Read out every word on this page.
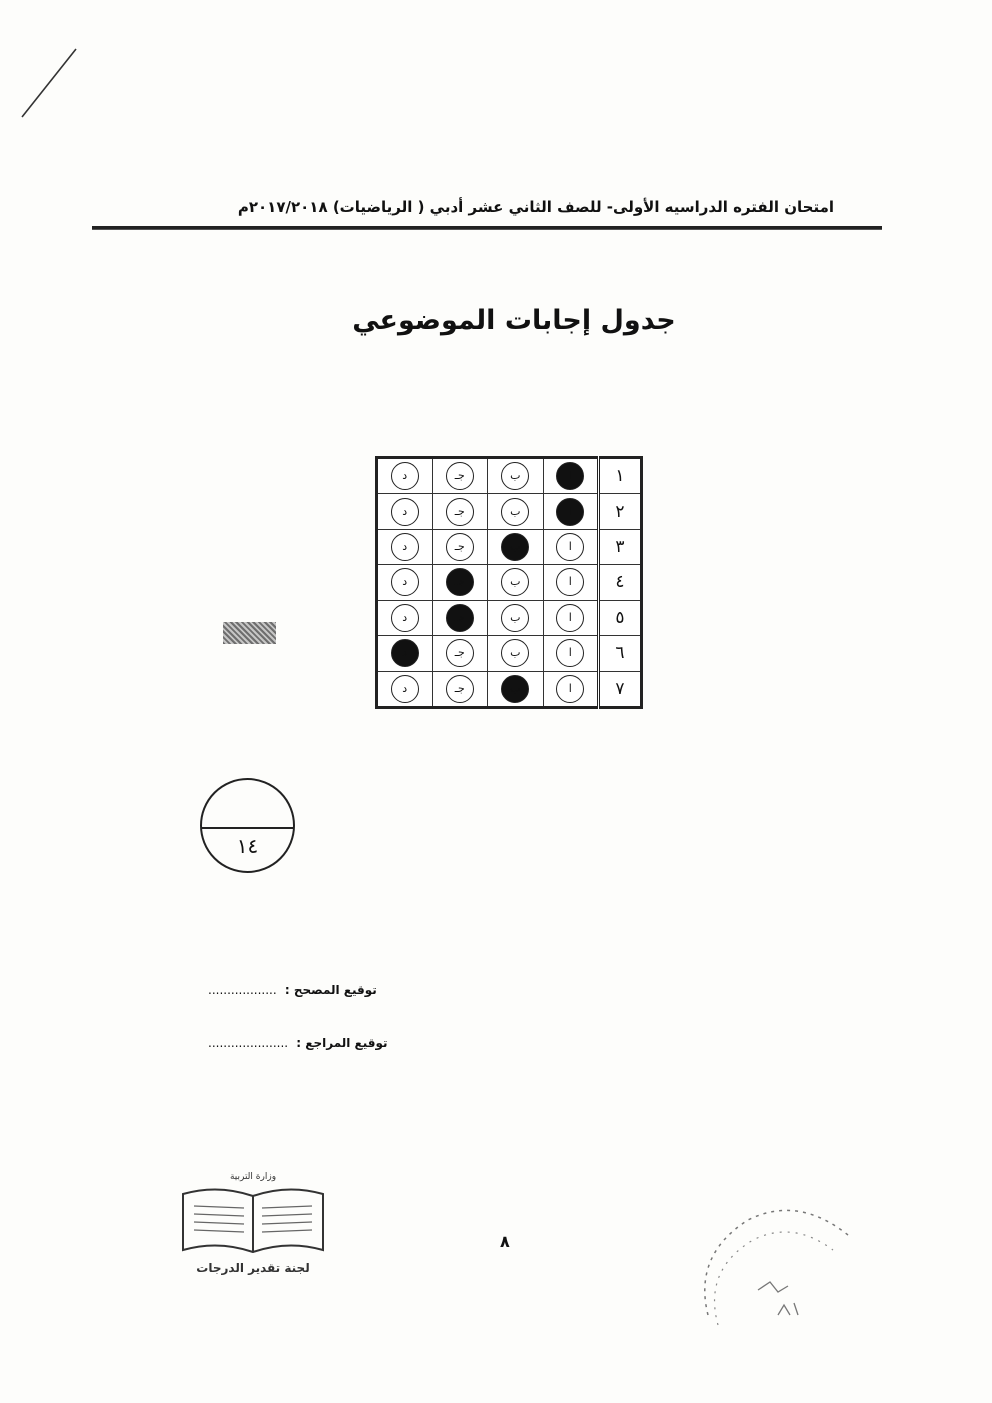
امتحان الفتره الدراسيه الأولى- للصف الثاني عشر أدبي ( الرياضيات) ٢٠١٧/٢٠١٨م
جدول إجابات الموضوعي
د	جـ	ب	ا	١
د	جـ	ب	ا	٢
د	جـ	ب	ا	٣
د	جـ	ب	ا	٤
د	جـ	ب	ا	٥
د	جـ	ب	ا	٦
د	جـ	ب	ا	٧
١٤
توقيع المصحح : ..................
توقيع المراجع : .....................
وزارة التربية
لجنة تقدير الدرجات
٨
